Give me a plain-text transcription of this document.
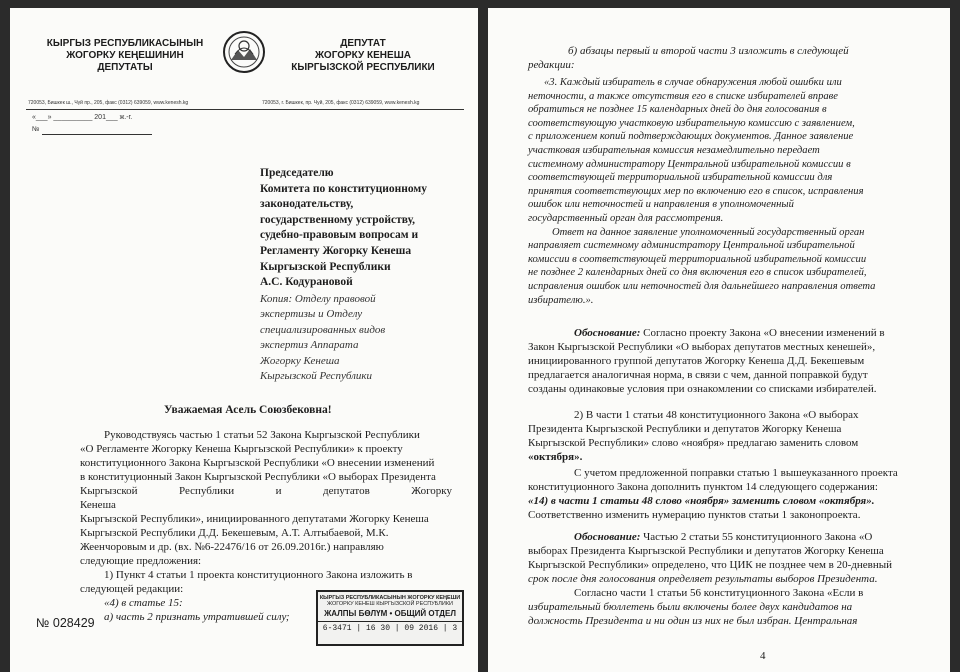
КЫРГЫЗ РЕСПУБЛИКАСЫНЫН
ЖОГОРКУ КЕҢЕШИНИН
ДЕПУТАТЫ
ДЕПУТАТ
ЖОГОРКУ КЕНЕША
КЫРГЫЗСКОЙ РЕСПУБЛИКИ
720053, Бишкек ш., Чүй пр., 205, факс (0312) 639059, www.kenesh.kg	720053, г. Бишкек, пр. Чуй, 205, факс (0312) 639059, www.kenesh.kg
«___» __________ 201___ ж.-г.
№
Председателю
Комитета по конституционному
законодательству,
государственному устройству,
судебно-правовым вопросам и
Регламенту Жогорку Кенеша
Кыргызской Республики
А.С. Кодурановой
Копия: Отделу правовой
экспертизы и Отделу
специализированных видов
экспертиз Аппарата
Жогорку Кенеша
Кыргызской Республики
Уважаемая Асель Союзбековна!
Руководствуясь частью 1 статьи 52 Закона Кыргызской Республики
«О Регламенте Жогорку Кенеша Кыргызской Республики» к проекту
конституционного Закона Кыргызской Республики «О внесении изменений
в конституционный Закон Кыргызской Республики «О выборах Президента
Кыргызской Республики и депутатов Жогорку Кенеша
Кыргызской Республики», инициированного депутатами Жогорку Кенеша
Кыргызской Республики Д.Д. Бекешевым, А.Т. Алтыбаевой, М.К.
Жеенчоровым и др. (вх. №6-22476/16 от 26.09.2016г.) направляю
следующие предложения:
1) Пункт 4 статьи 1 проекта конституционного Закона изложить в
следующей редакции:
«4) в статье 15:
а) часть 2 признать утратившей силу;
№ 028429
КЫРГЫЗ РЕСПУБЛИКАСЫНЫН ЖОГОРКУ КЕҢЕШИ
ЖОГОРКУ КЕНЕШ КЫРГЫЗСКОЙ РЕСПУБЛИКИ
ЖАЛПЫ БӨЛҮМ • ОБЩИЙ ОТДЕЛ
6-3471 | 16 30 | 09 2016 | 3
б) абзацы первый и второй части 3 изложить в следующей
редакции:
«3. Каждый избиратель в случае обнаружения любой ошибки или
неточности, а также отсутствия его в списке избирателей вправе
обратиться не позднее 15 календарных дней до дня голосования в
соответствующую участковую избирательную комиссию с заявлением,
с приложением копий подтверждающих документов. Данное заявление
участковая избирательная комиссия незамедлительно передает
системному администратору Центральной избирательной комиссии в
соответствующей территориальной избирательной комиссии для
принятия соответствующих мер по включению его в список, исправления
ошибок или неточностей и направления в уполномоченный
государственный орган для рассмотрения.
Ответ на данное заявление уполномоченный государственный орган
направляет системному администратору Центральной избирательной
комиссии в соответствующей территориальной избирательной комиссии
не позднее 2 календарных дней со дня включения его в список избирателей,
исправления ошибок или неточностей для дальнейшего направления ответа
избирателю.».
Обоснование: Согласно проекту Закона «О внесении изменений в
Закон Кыргызской Республики «О выборах депутатов местных кенешей»,
инициированного группой депутатов Жогорку Кенеша Д.Д. Бекешевым
предлагается аналогичная норма, в связи с чем, данной поправкой будут
созданы одинаковые условия при ознакомлении со списками избирателей.
2) В части 1 статьи 48 конституционного Закона «О выборах
Президента Кыргызской Республики и депутатов Жогорку Кенеша
Кыргызской Республики» слово «ноября» предлагаю заменить словом
«октября».
С учетом предложенной поправки статью 1 вышеуказанного проекта
конституционного Закона дополнить пунктом 14 следующего содержания:
«14) в части 1 статьи 48 слово «ноября» заменить словом «октября».
Соответственно изменить нумерацию пунктов статьи 1 законопроекта.
Обоснование: Частью 2 статьи 55 конституционного Закона «О
выборах Президента Кыргызской Республики и депутатов Жогорку Кенеша
Кыргызской Республики» определено, что ЦИК не позднее чем в 20-дневный
срок после дня голосования определяет результаты выборов Президента.
Согласно части 1 статьи 56 конституционного Закона «Если в
избирательный бюллетень были включены более двух кандидатов на
должность Президента и ни один из них не был избран. Центральная
4
